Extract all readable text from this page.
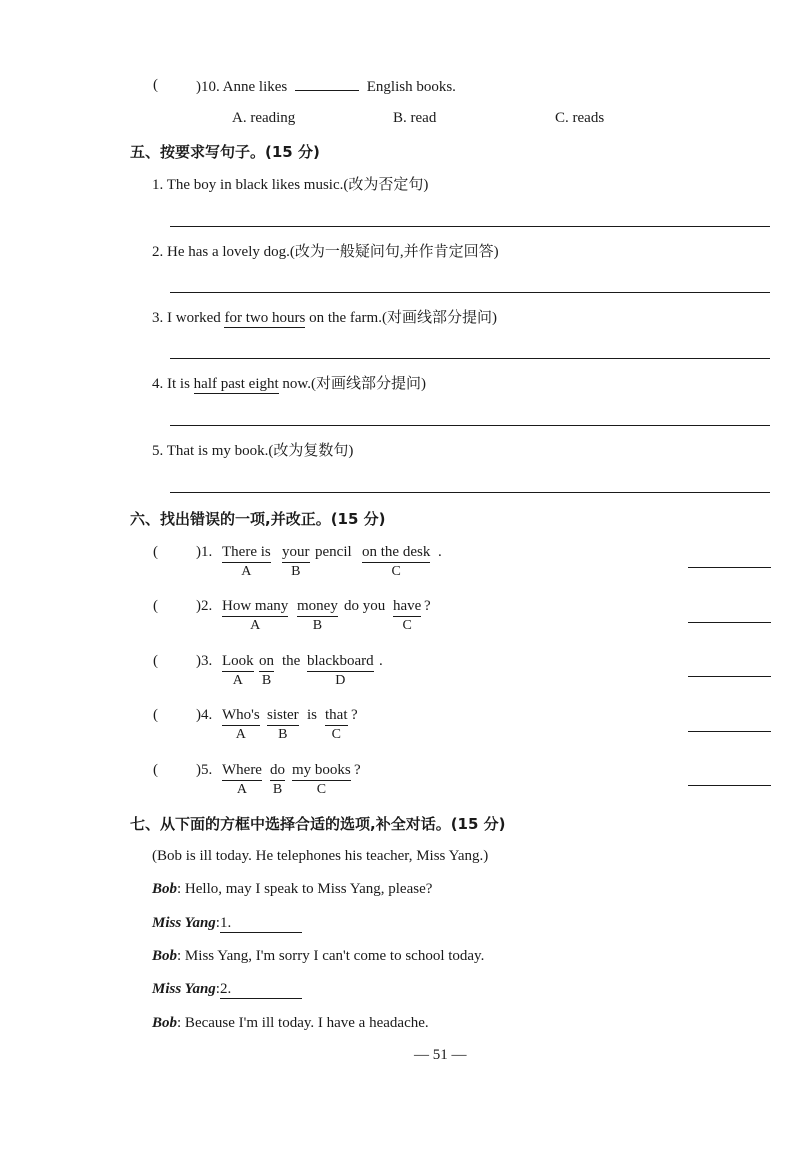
(	)10. Anne likes	English books.
A. reading	B. read	C. reads
五、按要求写句子。(15 分)
1. The boy in black likes music.(改为否定句)
2. He has a lovely dog.(改为一般疑问句,并作肯定回答)
3. I worked for two hours on the farm.(对画线部分提问)
4. It is half past eight now.(对画线部分提问)
5. That is my book.(改为复数句)
六、找出错误的一项,并改正。(15 分)
(	)1. There is
A
your
B
pencil on the desk
C
.
(	)2. How many
A
money
B
do you have
C
?
(	)3. Look
A
on
B
the blackboard
D
.
(	)4. Who's
A
sister
B
is that
C
?
(	)5. Where
A
do
B
my books
C
?
七、从下面的方框中选择合适的选项,补全对话。(15 分)
(Bob is ill today. He telephones his teacher, Miss Yang.)
Bob: Hello, may I speak to Miss Yang, please?
Miss Yang:1.
Bob: Miss Yang, I'm sorry I can't come to school today.
Miss Yang:2.
Bob: Because I'm ill today. I have a headache.
— 51 —
